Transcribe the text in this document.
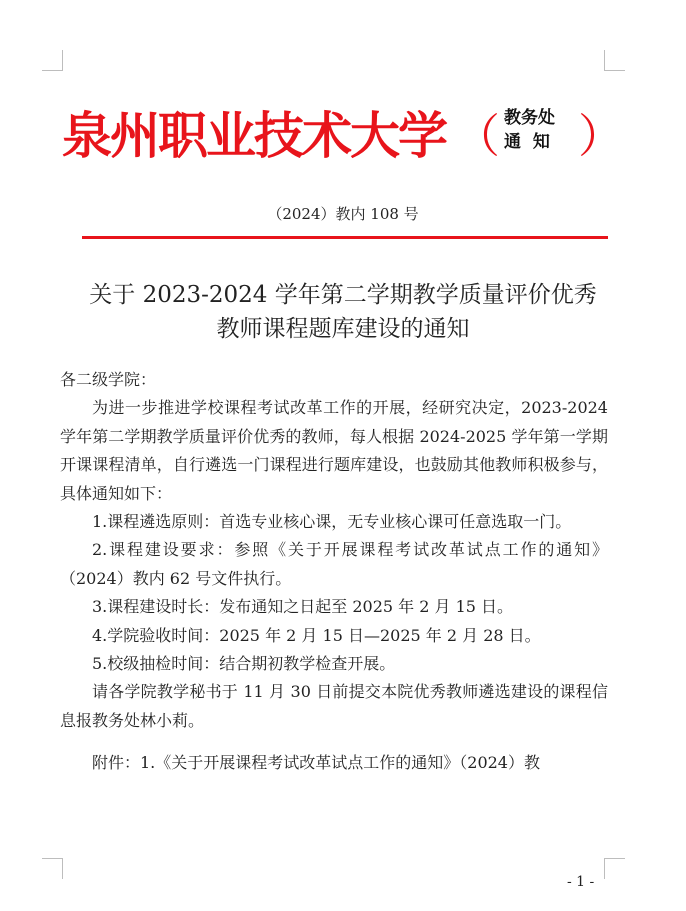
泉州职业技术大学 （ 教务处
通  知 ）
（2024）教内 108 号
关于 2023-2024 学年第二学期教学质量评价优秀
教师课程题库建设的通知

各二级学院：

为进一步推进学校课程考试改革工作的开展，经研究决定，2023-2024 学年第二学期教学质量评价优秀的教师，每人根据 2024-2025 学年第一学期开课课程清单，自行遴选一门课程进行题库建设，也鼓励其他教师积极参与，具体通知如下：

1.课程遴选原则：首选专业核心课，无专业核心课可任意选取一门。

2.课程建设要求：参照《关于开展课程考试改革试点工作的通知》（2024）教内 62 号文件执行。

3.课程建设时长：发布通知之日起至 2025 年 2 月 15 日。

4.学院验收时间：2025 年 2 月 15 日—2025 年 2 月 28 日。

5.校级抽检时间：结合期初教学检查开展。

请各学院教学秘书于 11 月 30 日前提交本院优秀教师遴选建设的课程信息报教务处林小莉。

附件：1.《关于开展课程考试改革试点工作的通知》（2024）教

- 1 -
